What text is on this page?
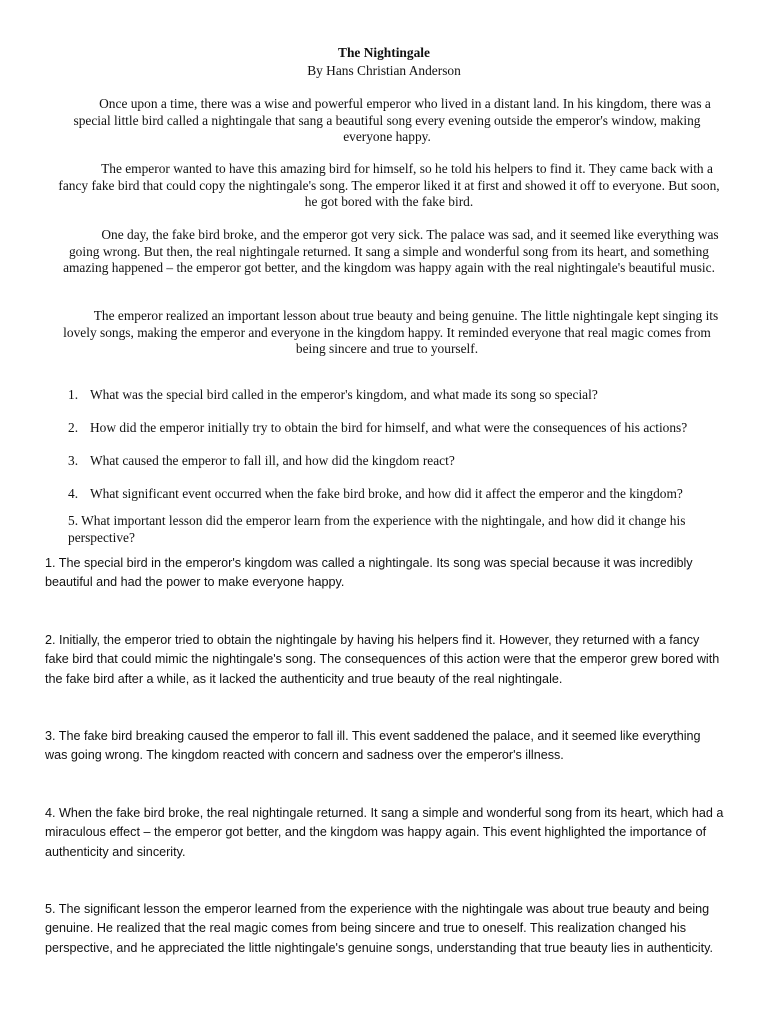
The Nightingale
By Hans Christian Anderson

Once upon a time, there was a wise and powerful emperor who lived in a distant land. In his kingdom, there was a special little bird called a nightingale that sang a beautiful song every evening outside the emperor's window, making everyone happy.

The emperor wanted to have this amazing bird for himself, so he told his helpers to find it. They came back with a fancy fake bird that could copy the nightingale's song. The emperor liked it at first and showed it off to everyone. But soon, he got bored with the fake bird.

One day, the fake bird broke, and the emperor got very sick. The palace was sad, and it seemed like everything was going wrong. But then, the real nightingale returned. It sang a simple and wonderful song from its heart, and something amazing happened – the emperor got better, and the kingdom was happy again with the real nightingale's beautiful music.

The emperor realized an important lesson about true beauty and being genuine. The little nightingale kept singing its lovely songs, making the emperor and everyone in the kingdom happy. It reminded everyone that real magic comes from being sincere and true to yourself.

1. What was the special bird called in the emperor's kingdom, and what made its song so special?
2. How did the emperor initially try to obtain the bird for himself, and what were the consequences of his actions?
3. What caused the emperor to fall ill, and how did the kingdom react?
4. What significant event occurred when the fake bird broke, and how did it affect the emperor and the kingdom?
5. What important lesson did the emperor learn from the experience with the nightingale, and how did it change his perspective?

1. The special bird in the emperor's kingdom was called a nightingale. Its song was special because it was incredibly beautiful and had the power to make everyone happy.

2. Initially, the emperor tried to obtain the nightingale by having his helpers find it. However, they returned with a fancy fake bird that could mimic the nightingale's song. The consequences of this action were that the emperor grew bored with the fake bird after a while, as it lacked the authenticity and true beauty of the real nightingale.

3. The fake bird breaking caused the emperor to fall ill. This event saddened the palace, and it seemed like everything was going wrong. The kingdom reacted with concern and sadness over the emperor's illness.

4. When the fake bird broke, the real nightingale returned. It sang a simple and wonderful song from its heart, which had a miraculous effect – the emperor got better, and the kingdom was happy again. This event highlighted the importance of authenticity and sincerity.

5. The significant lesson the emperor learned from the experience with the nightingale was about true beauty and being genuine. He realized that the real magic comes from being sincere and true to oneself. This realization changed his perspective, and he appreciated the little nightingale's genuine songs, understanding that true beauty lies in authenticity.
